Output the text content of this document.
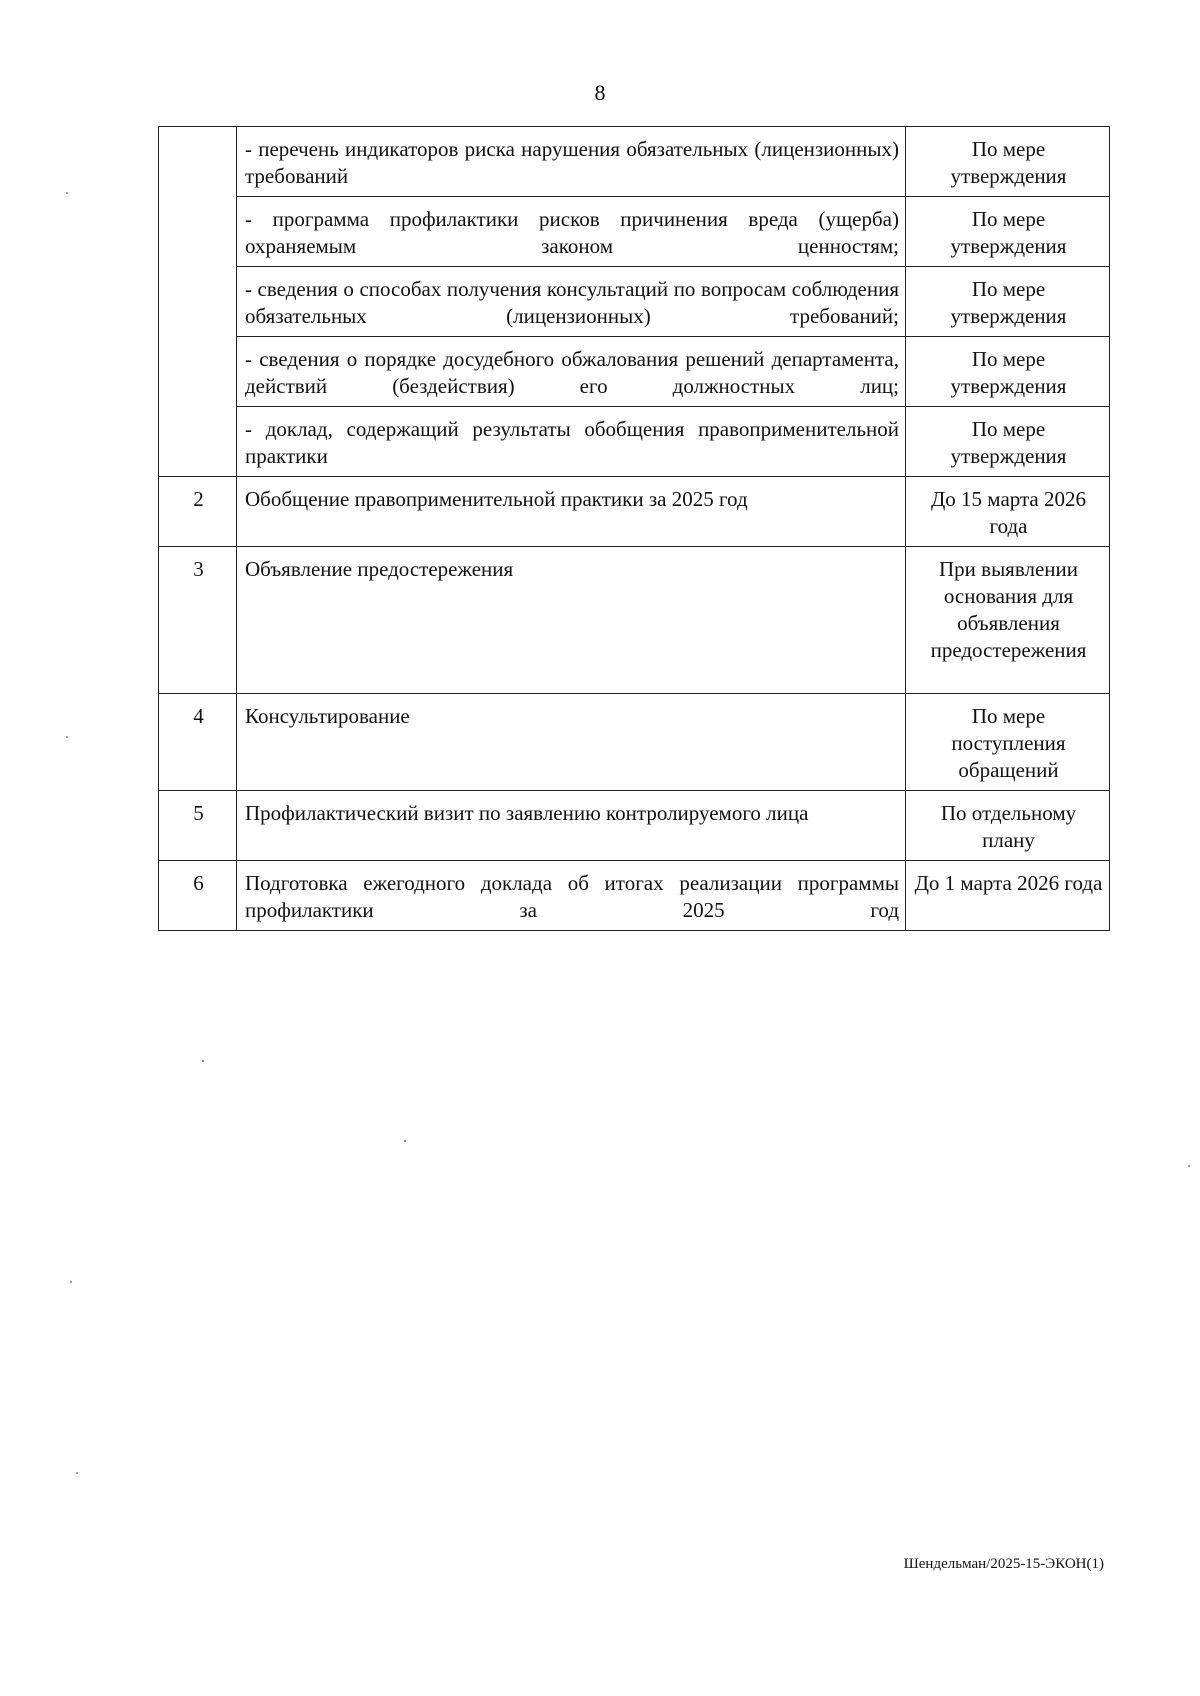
8
	- перечень индикаторов риска нарушения обязательных (лицензионных) требований	По мере утверждения
	- программа профилактики рисков причинения вреда (ущерба) охраняемым законом ценностям;	По мере утверждения
	- сведения о способах получения консультаций по вопросам соблюдения обязательных (лицензионных) требований;	По мере утверждения
	- сведения о порядке досудебного обжалования решений департамента, действий (бездействия) его должностных лиц;	По мере утверждения
	- доклад, содержащий результаты обобщения правоприменительной практики	По мере утверждения
2	Обобщение правоприменительной практики за 2025 год	До 15 марта 2026 года
3	Объявление предостережения	При выявлении основания для объявления предостережения
4	Консультирование	По мере поступления обращений
5	Профилактический визит по заявлению контролируемого лица	По отдельному плану
6	Подготовка ежегодного доклада об итогах реализации программы профилактики за 2025 год	До 1 марта 2026 года
Шендельман/2025-15-ЭКОН(1)
